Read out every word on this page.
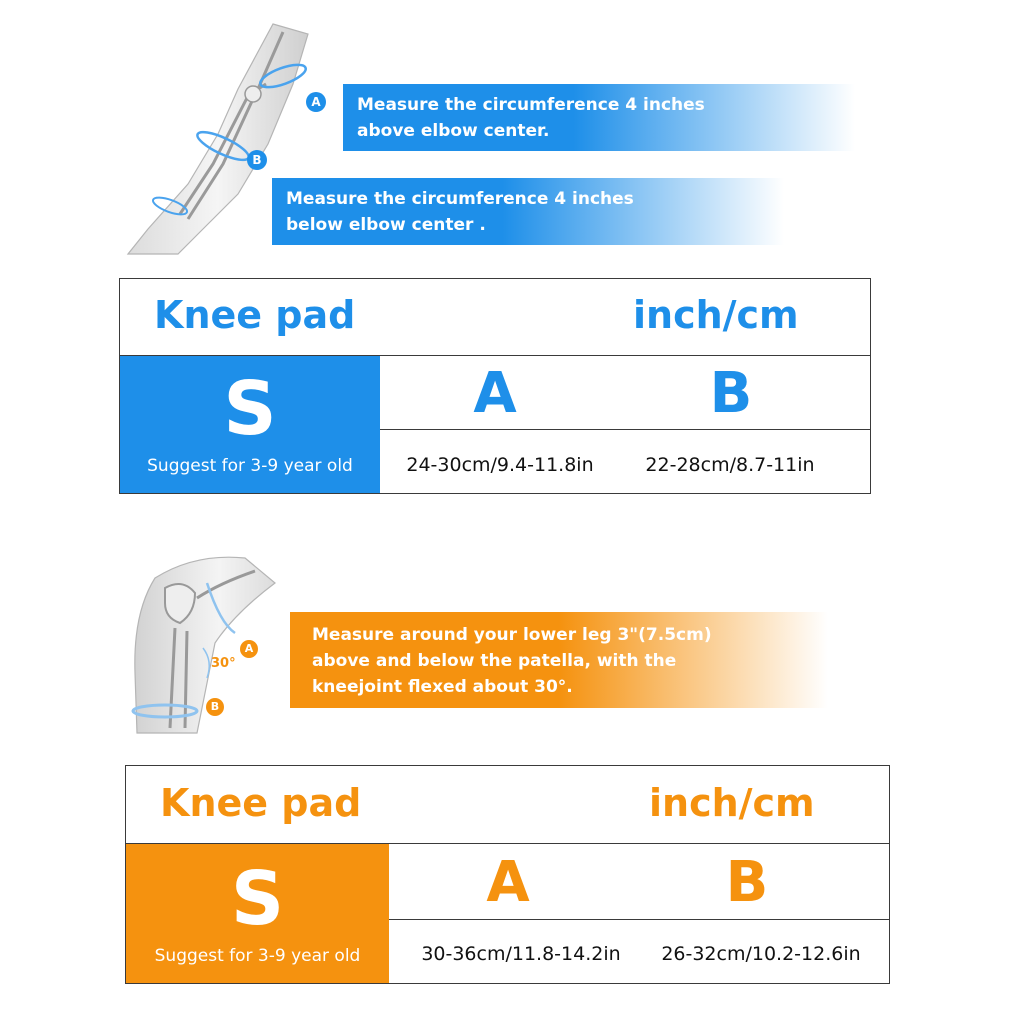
A
B
Measure the circumference 4 inches
above elbow center.
Measure the circumference 4 inches
below elbow center .
Knee pad	inch/cm
S
Suggest for 3-9 year old
A	B
24-30cm/9.4-11.8in	22-28cm/8.7-11in
A
B
30°
Measure around your lower leg 3"(7.5cm)
above and below the patella, with the
kneejoint flexed about 30°.
Knee pad	inch/cm
S
Suggest for 3-9 year old
A	B
30-36cm/11.8-14.2in	26-32cm/10.2-12.6in
